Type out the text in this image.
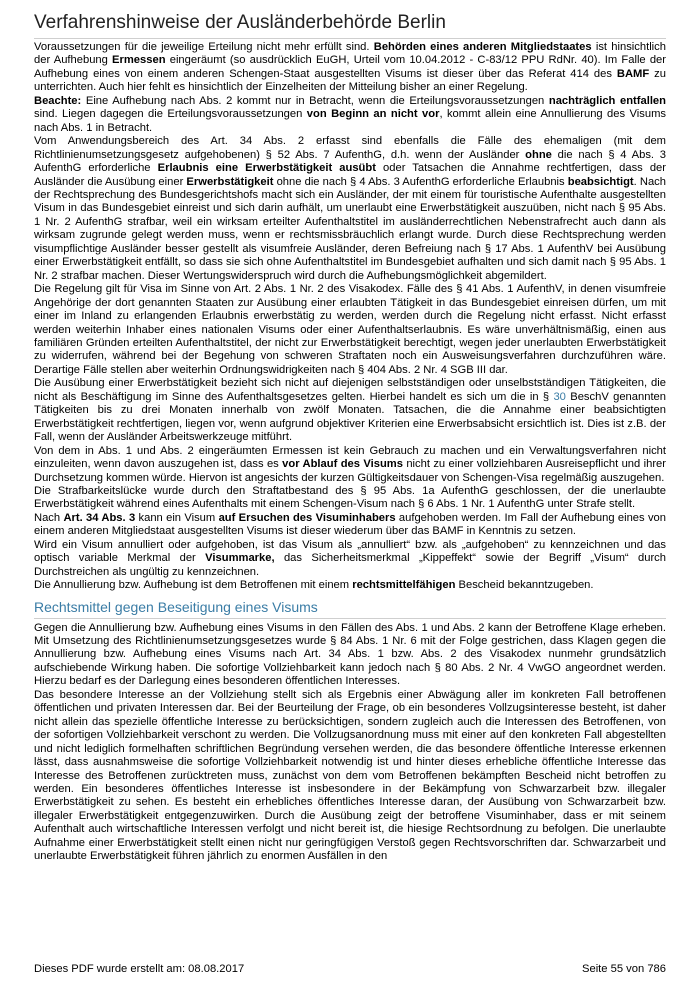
Verfahrenshinweise der Ausländerbehörde Berlin

Voraussetzungen für die jeweilige Erteilung nicht mehr erfüllt sind. Behörden eines anderen Mitgliedstaates ist hinsichtlich der Aufhebung Ermessen eingeräumt (so ausdrücklich EuGH, Urteil vom 10.04.2012 - C-83/12 PPU RdNr. 40). Im Falle der Aufhebung eines von einem anderen Schengen-Staat ausgestellten Visums ist dieser über das Referat 414 des BAMF zu unterrichten. Auch hier fehlt es hinsichtlich der Einzelheiten der Mitteilung bisher an einer Regelung.

Beachte: Eine Aufhebung nach Abs. 2 kommt nur in Betracht, wenn die Erteilungsvoraussetzungen nachträglich entfallen sind. Liegen dagegen die Erteilungsvoraussetzungen von Beginn an nicht vor, kommt allein eine Annullierung des Visums nach Abs. 1 in Betracht.

Vom Anwendungsbereich des Art. 34 Abs. 2 erfasst sind ebenfalls die Fälle des ehemaligen (mit dem Richtlinienumsetzungsgesetz aufgehobenen) § 52 Abs. 7 AufenthG, d.h. wenn der Ausländer ohne die nach § 4 Abs. 3 AufenthG erforderliche Erlaubnis eine Erwerbstätigkeit ausübt oder Tatsachen die Annahme rechtfertigen, dass der Ausländer die Ausübung einer Erwerbstätigkeit ohne die nach § 4 Abs. 3 AufenthG erforderliche Erlaubnis beabsichtigt. Nach der Rechtsprechung des Bundesgerichtshofs macht sich ein Ausländer, der mit einem für touristische Aufenthalte ausgestellten Visum in das Bundesgebiet einreist und sich darin aufhält, um unerlaubt eine Erwerbstätigkeit auszuüben, nicht nach § 95 Abs. 1 Nr. 2 AufenthG strafbar, weil ein wirksam erteilter Aufenthaltstitel im ausländerrechtlichen Nebenstrafrecht auch dann als wirksam zugrunde gelegt werden muss, wenn er rechtsmissbräuchlich erlangt wurde. Durch diese Rechtsprechung werden visumpflichtige Ausländer besser gestellt als visumfreie Ausländer, deren Befreiung nach § 17 Abs. 1 AufenthV bei Ausübung einer Erwerbstätigkeit entfällt, so dass sie sich ohne Aufenthaltstitel im Bundesgebiet aufhalten und sich damit nach § 95 Abs. 1 Nr. 2 strafbar machen. Dieser Wertungswiderspruch wird durch die Aufhebungsmöglichkeit abgemildert.

Die Regelung gilt für Visa im Sinne von Art. 2 Abs. 1 Nr. 2 des Visakodex. Fälle des § 41 Abs. 1 AufenthV, in denen visumfreie Angehörige der dort genannten Staaten zur Ausübung einer erlaubten Tätigkeit in das Bundesgebiet einreisen dürfen, um mit einer im Inland zu erlangenden Erlaubnis erwerbstätig zu werden, werden durch die Regelung nicht erfasst. Nicht erfasst werden weiterhin Inhaber eines nationalen Visums oder einer Aufenthaltserlaubnis. Es wäre unverhältnismäßig, einen aus familiären Gründen erteilten Aufenthaltstitel, der nicht zur Erwerbstätigkeit berechtigt, wegen jeder unerlaubten Erwerbstätigkeit zu widerrufen, während bei der Begehung von schweren Straftaten noch ein Ausweisungsverfahren durchzuführen wäre. Derartige Fälle stellen aber weiterhin Ordnungswidrigkeiten nach § 404 Abs. 2 Nr. 4 SGB III dar.

Die Ausübung einer Erwerbstätigkeit bezieht sich nicht auf diejenigen selbstständigen oder unselbstständigen Tätigkeiten, die nicht als Beschäftigung im Sinne des Aufenthaltsgesetzes gelten. Hierbei handelt es sich um die in § 30 BeschV genannten Tätigkeiten bis zu drei Monaten innerhalb von zwölf Monaten. Tatsachen, die die Annahme einer beabsichtigten Erwerbstätigkeit rechtfertigen, liegen vor, wenn aufgrund objektiver Kriterien eine Erwerbsabsicht ersichtlich ist. Dies ist z.B. der Fall, wenn der Ausländer Arbeitswerkzeuge mitführt.

Von dem in Abs. 1 und Abs. 2 eingeräumten Ermessen ist kein Gebrauch zu machen und ein Verwaltungsverfahren nicht einzuleiten, wenn davon auszugehen ist, dass es vor Ablauf des Visums nicht zu einer vollziehbaren Ausreisepflicht und ihrer Durchsetzung kommen würde. Hiervon ist angesichts der kurzen Gültigkeitsdauer von Schengen-Visa regelmäßig auszugehen.

Die Strafbarkeitslücke wurde durch den Straftatbestand des § 95 Abs. 1a AufenthG geschlossen, der die unerlaubte Erwerbstätigkeit während eines Aufenthalts mit einem Schengen-Visum nach § 6 Abs. 1 Nr. 1 AufenthG unter Strafe stellt.

Nach Art. 34 Abs. 3 kann ein Visum auf Ersuchen des Visuminhabers aufgehoben werden. Im Fall der Aufhebung eines von einem anderen Mitgliedstaat ausgestellten Visums ist dieser wiederum über das BAMF in Kenntnis zu setzen.

Wird ein Visum annulliert oder aufgehoben, ist das Visum als „annulliert“ bzw. als „aufgehoben“ zu kennzeichnen und das optisch variable Merkmal der Visummarke, das Sicherheitsmerkmal „Kippeffekt“ sowie der Begriff „Visum“ durch Durchstreichen als ungültig zu kennzeichnen.

Die Annullierung bzw. Aufhebung ist dem Betroffenen mit einem rechtsmittelfähigen Bescheid bekanntzugeben.

Rechtsmittel gegen Beseitigung eines Visums

Gegen die Annullierung bzw. Aufhebung eines Visums in den Fällen des Abs. 1 und Abs. 2 kann der Betroffene Klage erheben. Mit Umsetzung des Richtlinienumsetzungsgesetzes wurde § 84 Abs. 1 Nr. 6 mit der Folge gestrichen, dass Klagen gegen die Annullierung bzw. Aufhebung eines Visums nach Art. 34 Abs. 1 bzw. Abs. 2 des Visakodex nunmehr grundsätzlich aufschiebende Wirkung haben. Die sofortige Vollziehbarkeit kann jedoch nach § 80 Abs. 2 Nr. 4 VwGO angeordnet werden. Hierzu bedarf es der Darlegung eines besonderen öffentlichen Interesses.

Das besondere Interesse an der Vollziehung stellt sich als Ergebnis einer Abwägung aller im konkreten Fall betroffenen öffentlichen und privaten Interessen dar. Bei der Beurteilung der Frage, ob ein besonderes Vollzugsinteresse besteht, ist daher nicht allein das spezielle öffentliche Interesse zu berücksichtigen, sondern zugleich auch die Interessen des Betroffenen, von der sofortigen Vollziehbarkeit verschont zu werden. Die Vollzugsanordnung muss mit einer auf den konkreten Fall abgestellten und nicht lediglich formelhaften schriftlichen Begründung versehen werden, die das besondere öffentliche Interesse erkennen lässt, dass ausnahmsweise die sofortige Vollziehbarkeit notwendig ist und hinter dieses erhebliche öffentliche Interesse das Interesse des Betroffenen zurücktreten muss, zunächst von dem vom Betroffenen bekämpften Bescheid nicht betroffen zu werden. Ein besonderes öffentliches Interesse ist insbesondere in der Bekämpfung von Schwarzarbeit bzw. illegaler Erwerbstätigkeit zu sehen. Es besteht ein erhebliches öffentliches Interesse daran, der Ausübung von Schwarzarbeit bzw. illegaler Erwerbstätigkeit entgegenzuwirken. Durch die Ausübung zeigt der betroffene Visuminhaber, dass er mit seinem Aufenthalt auch wirtschaftliche Interessen verfolgt und nicht bereit ist, die hiesige Rechtsordnung zu befolgen. Die unerlaubte Aufnahme einer Erwerbstätigkeit stellt einen nicht nur geringfügigen Verstoß gegen Rechtsvorschriften dar. Schwarzarbeit und unerlaubte Erwerbstätigkeit führen jährlich zu enormen Ausfällen in den

Dieses PDF wurde erstellt am: 08.08.2017	Seite 55 von 786
